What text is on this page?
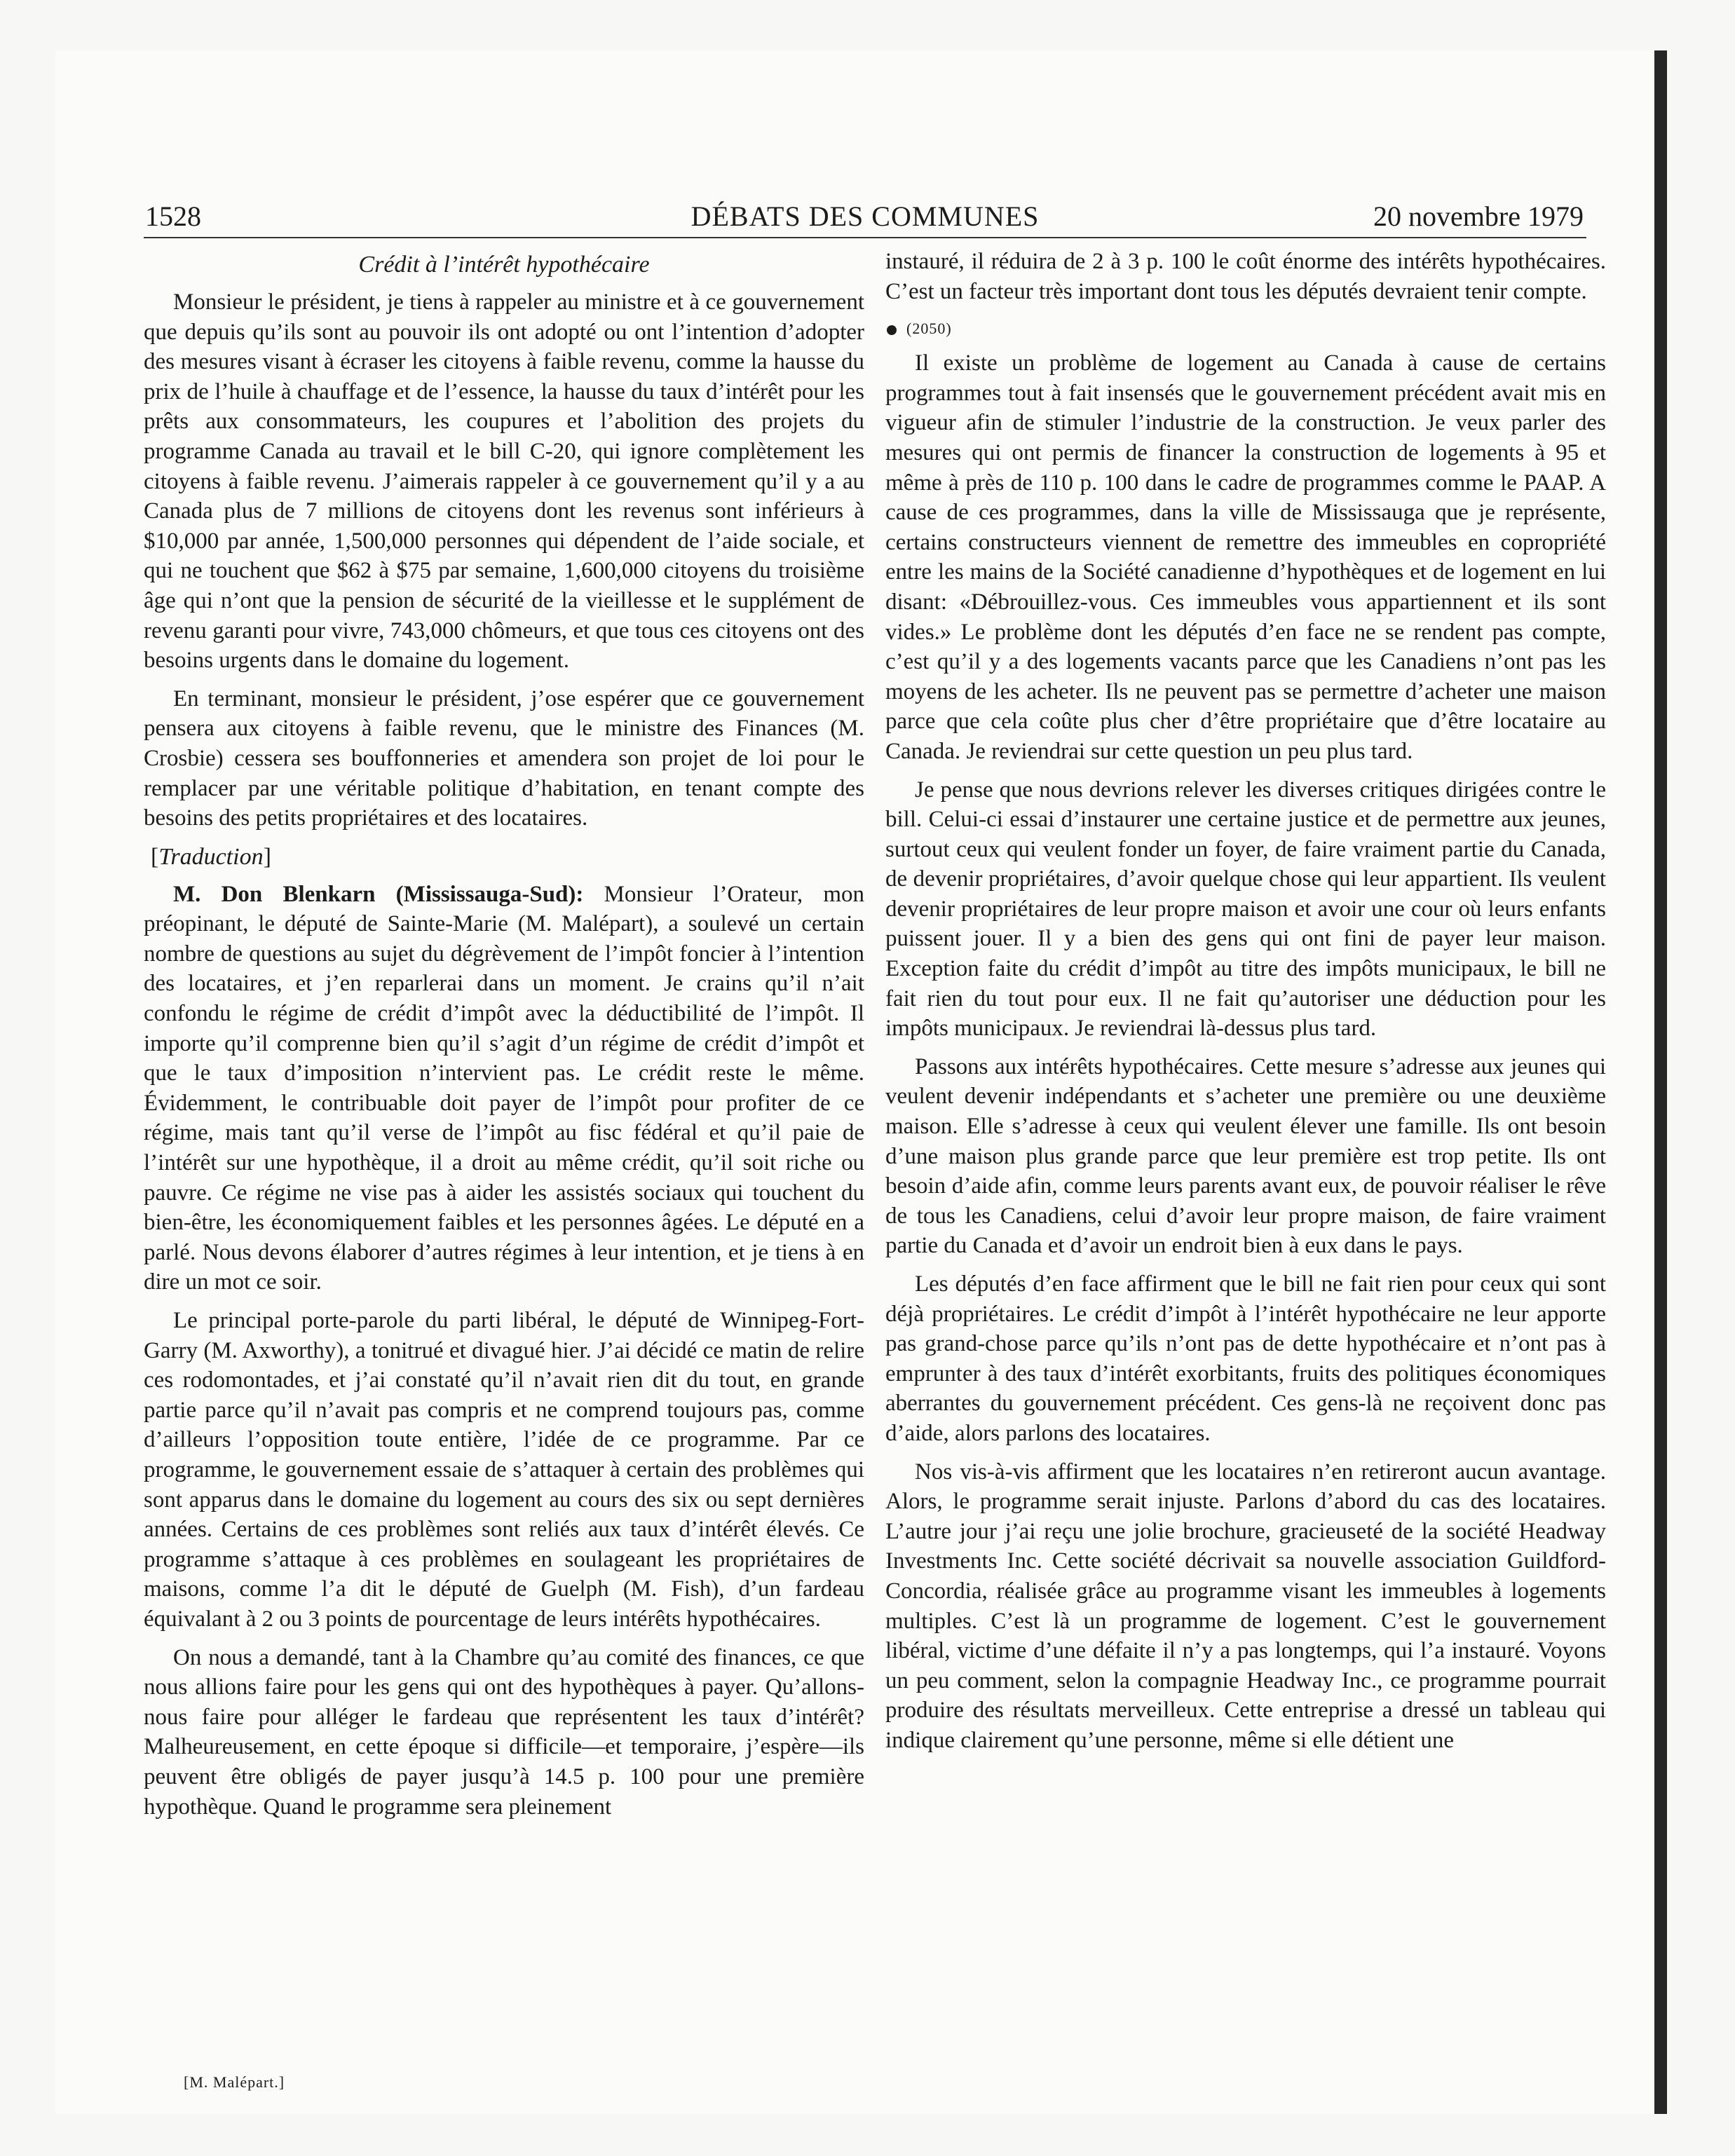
1528	DÉBATS DES COMMUNES	20 novembre 1979
Crédit à l’intérêt hypothécaire

Monsieur le président, je tiens à rappeler au ministre et à ce gouvernement que depuis qu’ils sont au pouvoir ils ont adopté ou ont l’intention d’adopter des mesures visant à écraser les citoyens à faible revenu, comme la hausse du prix de l’huile à chauffage et de l’essence, la hausse du taux d’intérêt pour les prêts aux consommateurs, les coupures et l’abolition des projets du programme Canada au travail et le bill C-20, qui ignore complètement les citoyens à faible revenu. J’aimerais rappeler à ce gouvernement qu’il y a au Canada plus de 7 millions de citoyens dont les revenus sont inférieurs à $10,000 par année, 1,500,000 personnes qui dépendent de l’aide sociale, et qui ne touchent que $62 à $75 par semaine, 1,600,000 citoyens du troisième âge qui n’ont que la pension de sécurité de la vieillesse et le supplément de revenu garanti pour vivre, 743,000 chômeurs, et que tous ces citoyens ont des besoins urgents dans le domaine du logement.

En terminant, monsieur le président, j’ose espérer que ce gouvernement pensera aux citoyens à faible revenu, que le ministre des Finances (M. Crosbie) cessera ses bouffonneries et amendera son projet de loi pour le remplacer par une véritable politique d’habitation, en tenant compte des besoins des petits propriétaires et des locataires.

[Traduction]

M. Don Blenkarn (Mississauga-Sud): Monsieur l’Orateur, mon préopinant, le député de Sainte-Marie (M. Malépart), a soulevé un certain nombre de questions au sujet du dégrèvement de l’impôt foncier à l’intention des locataires, et j’en reparlerai dans un moment. Je crains qu’il n’ait confondu le régime de crédit d’impôt avec la déductibilité de l’impôt. Il importe qu’il comprenne bien qu’il s’agit d’un régime de crédit d’impôt et que le taux d’imposition n’intervient pas. Le crédit reste le même. Évidemment, le contribuable doit payer de l’impôt pour profiter de ce régime, mais tant qu’il verse de l’impôt au fisc fédéral et qu’il paie de l’intérêt sur une hypothèque, il a droit au même crédit, qu’il soit riche ou pauvre. Ce régime ne vise pas à aider les assistés sociaux qui touchent du bien-être, les économiquement faibles et les personnes âgées. Le député en a parlé. Nous devons élaborer d’autres régimes à leur intention, et je tiens à en dire un mot ce soir.

Le principal porte-parole du parti libéral, le député de Winnipeg-Fort-Garry (M. Axworthy), a tonitrué et divagué hier. J’ai décidé ce matin de relire ces rodomontades, et j’ai constaté qu’il n’avait rien dit du tout, en grande partie parce qu’il n’avait pas compris et ne comprend toujours pas, comme d’ailleurs l’opposition toute entière, l’idée de ce programme. Par ce programme, le gouvernement essaie de s’attaquer à certain des problèmes qui sont apparus dans le domaine du logement au cours des six ou sept dernières années. Certains de ces problèmes sont reliés aux taux d’intérêt élevés. Ce programme s’attaque à ces problèmes en soulageant les propriétaires de maisons, comme l’a dit le député de Guelph (M. Fish), d’un fardeau équivalant à 2 ou 3 points de pourcentage de leurs intérêts hypothécaires.

On nous a demandé, tant à la Chambre qu’au comité des finances, ce que nous allions faire pour les gens qui ont des hypothèques à payer. Qu’allons-nous faire pour alléger le fardeau que représentent les taux d’intérêt? Malheureusement, en cette époque si difficile—et temporaire, j’espère—ils peuvent être obligés de payer jusqu’à 14.5 p. 100 pour une première hypothèque. Quand le programme sera pleinement

instauré, il réduira de 2 à 3 p. 100 le coût énorme des intérêts hypothécaires. C’est un facteur très important dont tous les députés devraient tenir compte.

(2050)

Il existe un problème de logement au Canada à cause de certains programmes tout à fait insensés que le gouvernement précédent avait mis en vigueur afin de stimuler l’industrie de la construction. Je veux parler des mesures qui ont permis de financer la construction de logements à 95 et même à près de 110 p. 100 dans le cadre de programmes comme le PAAP. A cause de ces programmes, dans la ville de Mississauga que je représente, certains constructeurs viennent de remettre des immeubles en copropriété entre les mains de la Société canadienne d’hypothèques et de logement en lui disant: «Débrouillez-vous. Ces immeubles vous appartiennent et ils sont vides.» Le problème dont les députés d’en face ne se rendent pas compte, c’est qu’il y a des logements vacants parce que les Canadiens n’ont pas les moyens de les acheter. Ils ne peuvent pas se permettre d’acheter une maison parce que cela coûte plus cher d’être propriétaire que d’être locataire au Canada. Je reviendrai sur cette question un peu plus tard.

Je pense que nous devrions relever les diverses critiques dirigées contre le bill. Celui-ci essai d’instaurer une certaine justice et de permettre aux jeunes, surtout ceux qui veulent fonder un foyer, de faire vraiment partie du Canada, de devenir propriétaires, d’avoir quelque chose qui leur appartient. Ils veulent devenir propriétaires de leur propre maison et avoir une cour où leurs enfants puissent jouer. Il y a bien des gens qui ont fini de payer leur maison. Exception faite du crédit d’impôt au titre des impôts municipaux, le bill ne fait rien du tout pour eux. Il ne fait qu’autoriser une déduction pour les impôts municipaux. Je reviendrai là-dessus plus tard.

Passons aux intérêts hypothécaires. Cette mesure s’adresse aux jeunes qui veulent devenir indépendants et s’acheter une première ou une deuxième maison. Elle s’adresse à ceux qui veulent élever une famille. Ils ont besoin d’une maison plus grande parce que leur première est trop petite. Ils ont besoin d’aide afin, comme leurs parents avant eux, de pouvoir réaliser le rêve de tous les Canadiens, celui d’avoir leur propre maison, de faire vraiment partie du Canada et d’avoir un endroit bien à eux dans le pays.

Les députés d’en face affirment que le bill ne fait rien pour ceux qui sont déjà propriétaires. Le crédit d’impôt à l’intérêt hypothécaire ne leur apporte pas grand-chose parce qu’ils n’ont pas de dette hypothécaire et n’ont pas à emprunter à des taux d’intérêt exorbitants, fruits des politiques économiques aberrantes du gouvernement précédent. Ces gens-là ne reçoivent donc pas d’aide, alors parlons des locataires.

Nos vis-à-vis affirment que les locataires n’en retireront aucun avantage. Alors, le programme serait injuste. Parlons d’abord du cas des locataires. L’autre jour j’ai reçu une jolie brochure, gracieuseté de la société Headway Investments Inc. Cette société décrivait sa nouvelle association Guildford-Concordia, réalisée grâce au programme visant les immeubles à logements multiples. C’est là un programme de logement. C’est le gouvernement libéral, victime d’une défaite il n’y a pas longtemps, qui l’a instauré. Voyons un peu comment, selon la compagnie Headway Inc., ce programme pourrait produire des résultats merveilleux. Cette entreprise a dressé un tableau qui indique clairement qu’une personne, même si elle détient une

[M. Malépart.]
